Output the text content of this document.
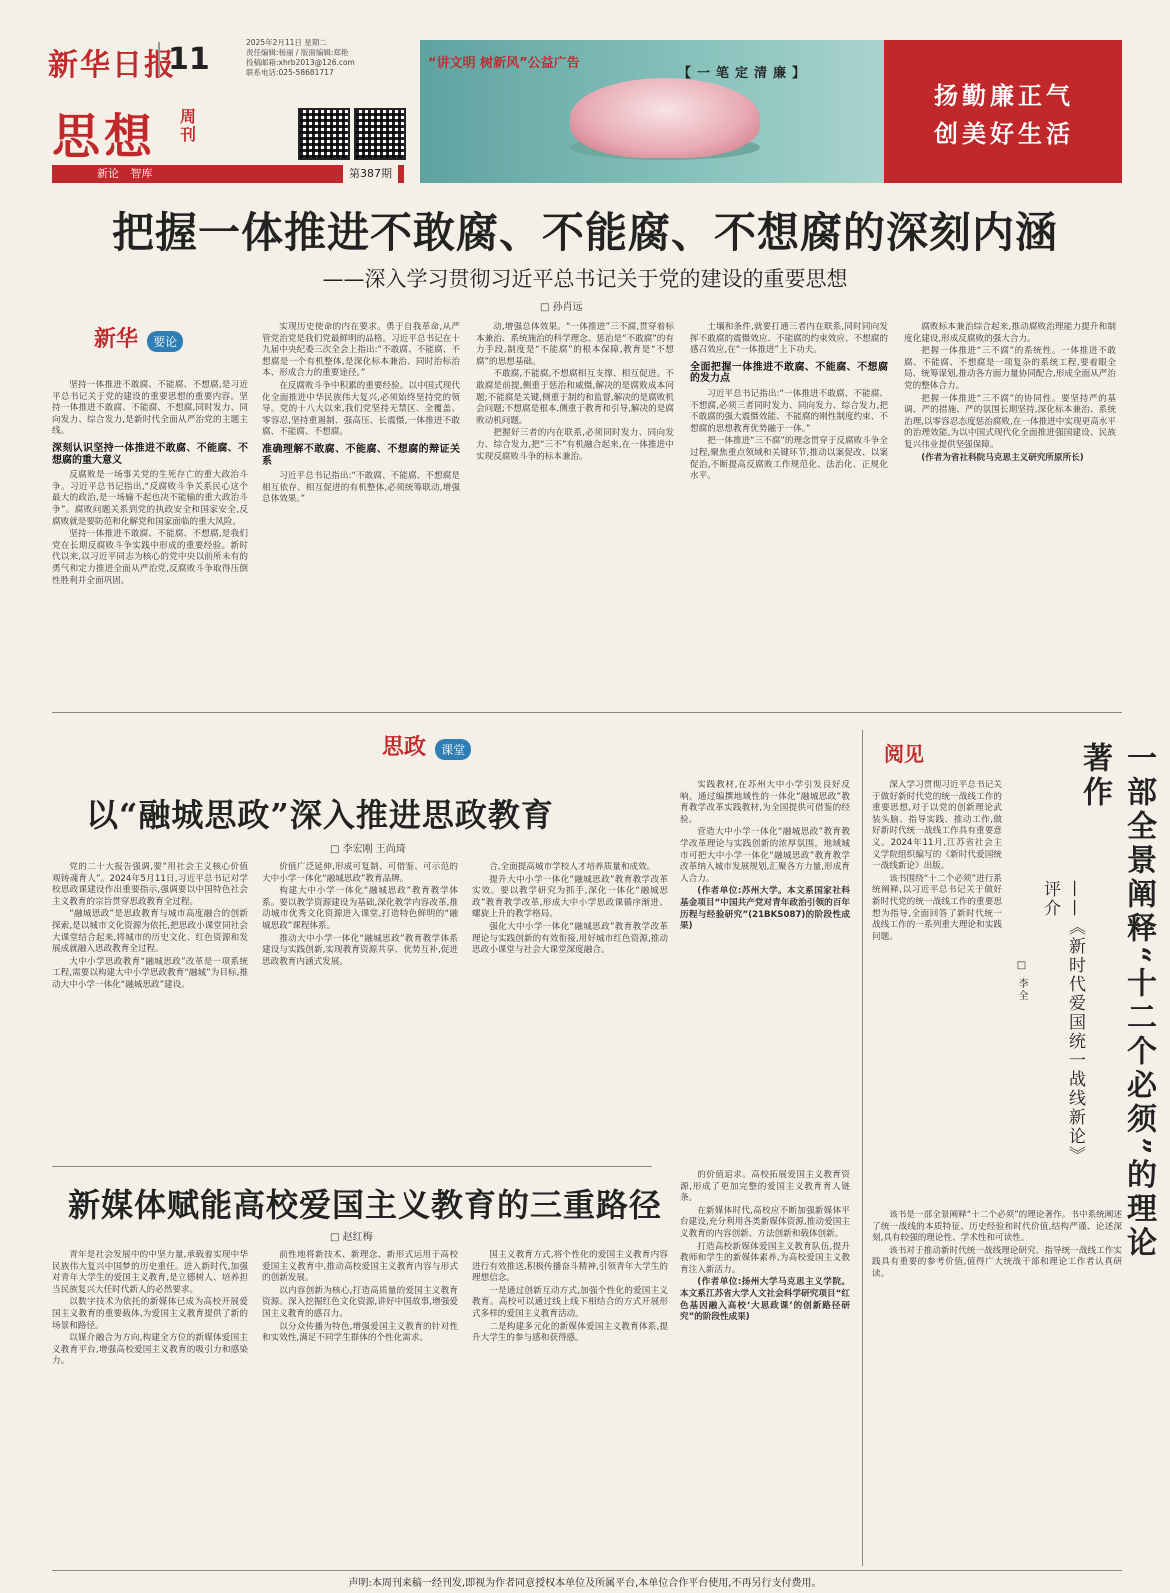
新华日报
11
思想 周刊
2025年2月11日 星期二
责任编辑:杨丽 / 版面编辑:郑艳
投稿邮箱:xhrb2013@126.com
联系电话:025-58681717
新论 智库	第387期
“讲文明 树新风”公益广告
【一笔定清廉】
扬勤廉正气
创美好生活
把握一体推进不敢腐、不能腐、不想腐的深刻内涵
——深入学习贯彻习近平总书记关于党的建设的重要思想
□ 孙肖远
新华 要论

坚持一体推进不敢腐、不能腐、不想腐,是习近平总书记关于党的建设的重要思想的重要内容。坚持一体推进不敢腐、不能腐、不想腐,同时发力、同向发力、综合发力,是新时代全面从严治党的主题主线。

深刻认识坚持一体推进不敢腐、不能腐、不想腐的重大意义

反腐败是一场事关党的生死存亡的重大政治斗争。习近平总书记指出,“反腐败斗争关系民心这个最大的政治,是一场输不起也决不能输的重大政治斗争”。腐败问题关系到党的执政安全和国家安全,反腐败就是要防范和化解党和国家面临的重大风险。

坚持一体推进不敢腐、不能腐、不想腐,是我们党在长期反腐败斗争实践中形成的重要经验。新时代以来,以习近平同志为核心的党中央以前所未有的勇气和定力推进全面从严治党,反腐败斗争取得压倒性胜利并全面巩固。

实现历史使命的内在要求。勇于自我革命,从严管党治党是我们党最鲜明的品格。习近平总书记在十九届中央纪委三次全会上指出:“不敢腐、不能腐、不想腐是一个有机整体,是深化标本兼治、同时治标治本、形成合力的重要途径。”

在反腐败斗争中积累的重要经验。以中国式现代化全面推进中华民族伟大复兴,必须始终坚持党的领导。党的十八大以来,我们党坚持无禁区、全覆盖、零容忍,坚持重遏制、强高压、长震慑,一体推进不敢腐、不能腐、不想腐。

准确理解不敢腐、不能腐、不想腐的辩证关系

习近平总书记指出:“不敢腐、不能腐、不想腐是相互依存、相互促进的有机整体,必须统筹联动,增强总体效果。”

动,增强总体效果。“一体推进”三不腐,贯穿着标本兼治、系统施治的科学理念。惩治是“不敢腐”的有力手段,制度是“不能腐”的根本保障,教育是“不想腐”的思想基础。

不敢腐,不能腐,不想腐相互支撑、相互促进。不敢腐是前提,侧重于惩治和威慑,解决的是腐败成本问题;不能腐是关键,侧重于制约和监督,解决的是腐败机会问题;不想腐是根本,侧重于教育和引导,解决的是腐败动机问题。

把握好三者的内在联系,必须同时发力、同向发力、综合发力,把“三不”有机融合起来,在一体推进中实现反腐败斗争的标本兼治。

土壤和条件,就要打通三者内在联系,同时同向发挥不敢腐的震慑效应、不能腐的约束效应、不想腐的感召效应,在“一体推进”上下功夫。

全面把握一体推进不敢腐、不能腐、不想腐的发力点

习近平总书记指出:“一体推进不敢腐、不能腐、不想腐,必须三者同时发力、同向发力、综合发力,把不敢腐的强大震慑效能、不能腐的刚性制度约束、不想腐的思想教育优势融于一体。”

把一体推进“三不腐”的理念贯穿于反腐败斗争全过程,聚焦重点领域和关键环节,推动以案促改、以案促治,不断提高反腐败工作规范化、法治化、正规化水平。

腐败标本兼治综合起来,推动腐败治理能力提升和制度化建设,形成反腐败的强大合力。

把握一体推进“三不腐”的系统性。一体推进不敢腐、不能腐、不想腐是一项复杂的系统工程,要着眼全局、统筹谋划,推动各方面力量协同配合,形成全面从严治党的整体合力。

把握一体推进“三不腐”的协同性。要坚持严的基调、严的措施、严的氛围长期坚持,深化标本兼治、系统治理,以零容忍态度惩治腐败,在一体推进中实现更高水平的治理效能,为以中国式现代化全面推进强国建设、民族复兴伟业提供坚强保障。

(作者为省社科院马克思主义研究所原所长)

思政 课堂
以“融城思政”深入推进思政教育
□ 李宏刚 王尚琦

党的二十大报告强调,要“用社会主义核心价值观铸魂育人”。2024年5月11日,习近平总书记对学校思政课建设作出重要指示,强调要以中国特色社会主义教育的宗旨贯穿思政教育全过程。

“融城思政”是思政教育与城市高度融合的创新探索,是以城市文化资源为依托,把思政小课堂同社会大课堂结合起来,将城市的历史文化、红色资源和发展成就融入思政教育全过程。

大中小学思政教育“融城思政”改革是一项系统工程,需要以构建大中小学思政教育“融城”为目标,推动大中小学一体化“融城思政”建设。

价值广泛延伸,形成可复制、可借鉴、可示范的大中小学一体化“融城思政”教育品牌。

构建大中小学一体化“融城思政”教育教学体系。要以教学资源建设为基础,深化教学内容改革,推动城市优秀文化资源进入课堂,打造特色鲜明的“融城思政”课程体系。

推动大中小学一体化“融城思政”教育教学体系建设与实践创新,实现教育资源共享、优势互补,促进思政教育内涵式发展。

合,全面提高城市学校人才培养质量和成效。

提升大中小学一体化“融城思政”教育教学改革实效。要以教学研究为抓手,深化一体化“融城思政”教育教学改革,形成大中小学思政课循序渐进、螺旋上升的教学格局。

强化大中小学一体化“融城思政”教育教学改革理论与实践创新的有效衔接,用好城市红色资源,推动思政小课堂与社会大课堂深度融合。

实践教材,在苏州大中小学引发良好反响。通过编撰地域性的一体化“融城思政”教育教学改革实践教材,为全国提供可借鉴的经验。

营造大中小学一体化“融城思政”教育教学改革理论与实践创新的浓厚氛围。地域城市可把大中小学一体化“融城思政”教育教学改革纳入城市发展规划,汇聚各方力量,形成育人合力。

(作者单位:苏州大学。本文系国家社科基金项目“中国共产党对青年政治引领的百年历程与经验研究”(21BKS087)的阶段性成果)

新媒体赋能高校爱国主义教育的三重路径
□ 赵红梅

青年是社会发展中的中坚力量,承载着实现中华民族伟大复兴中国梦的历史重任。进入新时代,加强对青年大学生的爱国主义教育,是立德树人、培养担当民族复兴大任时代新人的必然要求。

以数字技术为依托的新媒体已成为高校开展爱国主义教育的重要载体,为爱国主义教育提供了新的场景和路径。

以媒介融合为方向,构建全方位的新媒体爱国主义教育平台,增强高校爱国主义教育的吸引力和感染力。

前性地将新技术、新理念、新形式运用于高校爱国主义教育中,推动高校爱国主义教育内容与形式的创新发展。

以内容创新为核心,打造高质量的爱国主义教育资源。深入挖掘红色文化资源,讲好中国故事,增强爱国主义教育的感召力。

以分众传播为特色,增强爱国主义教育的针对性和实效性,满足不同学生群体的个性化需求。

国主义教育方式,将个性化的爱国主义教育内容进行有效推送,积极传播奋斗精神,引领青年大学生的理想信念。

一是通过创新互动方式,加强个性化的爱国主义教育。高校可以通过线上线下相结合的方式开展形式多样的爱国主义教育活动。

二是构建多元化的新媒体爱国主义教育体系,提升大学生的参与感和获得感。

的价值追求。高校拓展爱国主义教育资源,形成了更加完整的爱国主义教育育人链条。

在新媒体时代,高校应不断加强新媒体平台建设,充分利用各类新媒体资源,推动爱国主义教育的内容创新、方法创新和载体创新。

打造高校新媒体爱国主义教育队伍,提升教师和学生的新媒体素养,为高校爱国主义教育注入新活力。

(作者单位:扬州大学马克思主义学院。本文系江苏省大学人文社会科学研究项目“红色基因融入高校‘大思政课’的创新路径研究”的阶段性成果)

阅见	一部全景阐释“十二个必须”的理论著作
——《新时代爱国统一战线新论》评介
□ 李全

深入学习贯彻习近平总书记关于做好新时代党的统一战线工作的重要思想,对于以党的创新理论武装头脑、指导实践、推动工作,做好新时代统一战线工作具有重要意义。2024年11月,江苏省社会主义学院组织编写的《新时代爱国统一战线新论》出版。

该书围绕“十二个必须”进行系统阐释,以习近平总书记关于做好新时代党的统一战线工作的重要思想为指导,全面回答了新时代统一战线工作的一系列重大理论和实践问题。

该书是一部全景阐释“十二个必须”的理论著作。书中系统阐述了统一战线的本质特征、历史经验和时代价值,结构严谨、论述深刻,具有较强的理论性、学术性和可读性。

该书对于推动新时代统一战线理论研究、指导统一战线工作实践具有重要的参考价值,值得广大统战干部和理论工作者认真研读。

声明:本周刊来稿一经刊发,即视为作者同意授权本单位及所属平台,本单位合作平台使用,不再另行支付费用。
